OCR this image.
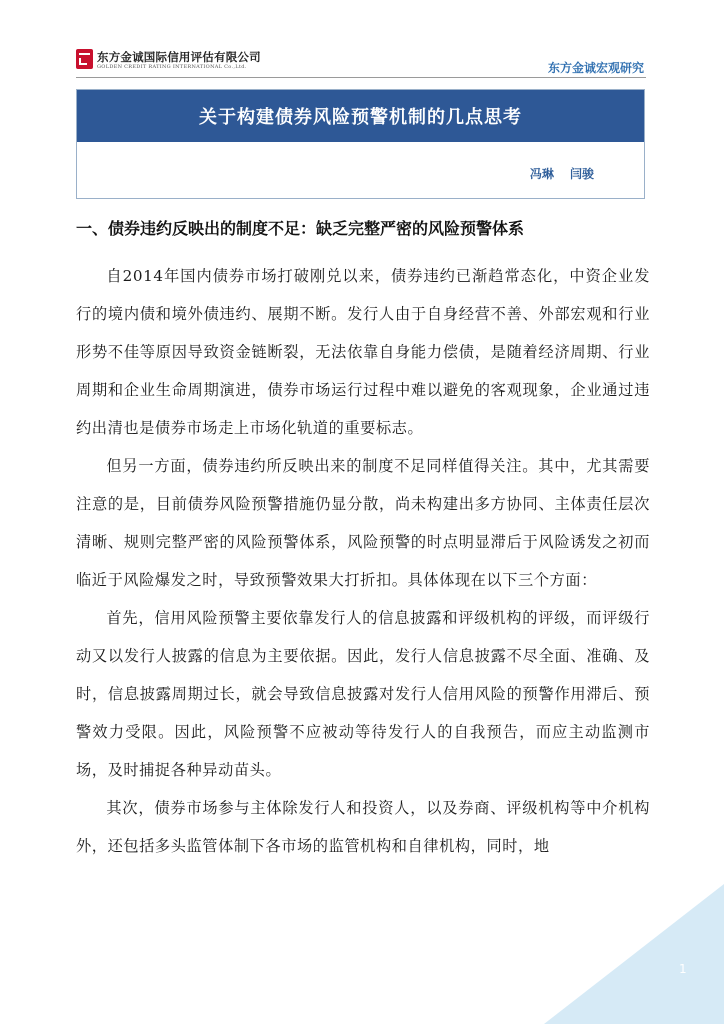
东方金诚国际信用评估有限公司
GOLDEN CREDIT RATING INTERNATIONAL Co.,Ltd.	东方金诚宏观研究
关于构建债券风险预警机制的几点思考
冯琳　 闫骏
一、债券违约反映出的制度不足：缺乏完整严密的风险预警体系

自2014年国内债券市场打破刚兑以来，债券违约已渐趋常态化，中资企业发行的境内债和境外债违约、展期不断。发行人由于自身经营不善、外部宏观和行业形势不佳等原因导致资金链断裂，无法依靠自身能力偿债，是随着经济周期、行业周期和企业生命周期演进，债券市场运行过程中难以避免的客观现象，企业通过违约出清也是债券市场走上市场化轨道的重要标志。

但另一方面，债券违约所反映出来的制度不足同样值得关注。其中，尤其需要注意的是，目前债券风险预警措施仍显分散，尚未构建出多方协同、主体责任层次清晰、规则完整严密的风险预警体系，风险预警的时点明显滞后于风险诱发之初而临近于风险爆发之时，导致预警效果大打折扣。具体体现在以下三个方面：

首先，信用风险预警主要依靠发行人的信息披露和评级机构的评级，而评级行动又以发行人披露的信息为主要依据。因此，发行人信息披露不尽全面、准确、及时，信息披露周期过长，就会导致信息披露对发行人信用风险的预警作用滞后、预警效力受限。因此，风险预警不应被动等待发行人的自我预告，而应主动监测市场，及时捕捉各种异动苗头。

其次，债券市场参与主体除发行人和投资人，以及券商、评级机构等中介机构外，还包括多头监管体制下各市场的监管机构和自律机构，同时，地

1
